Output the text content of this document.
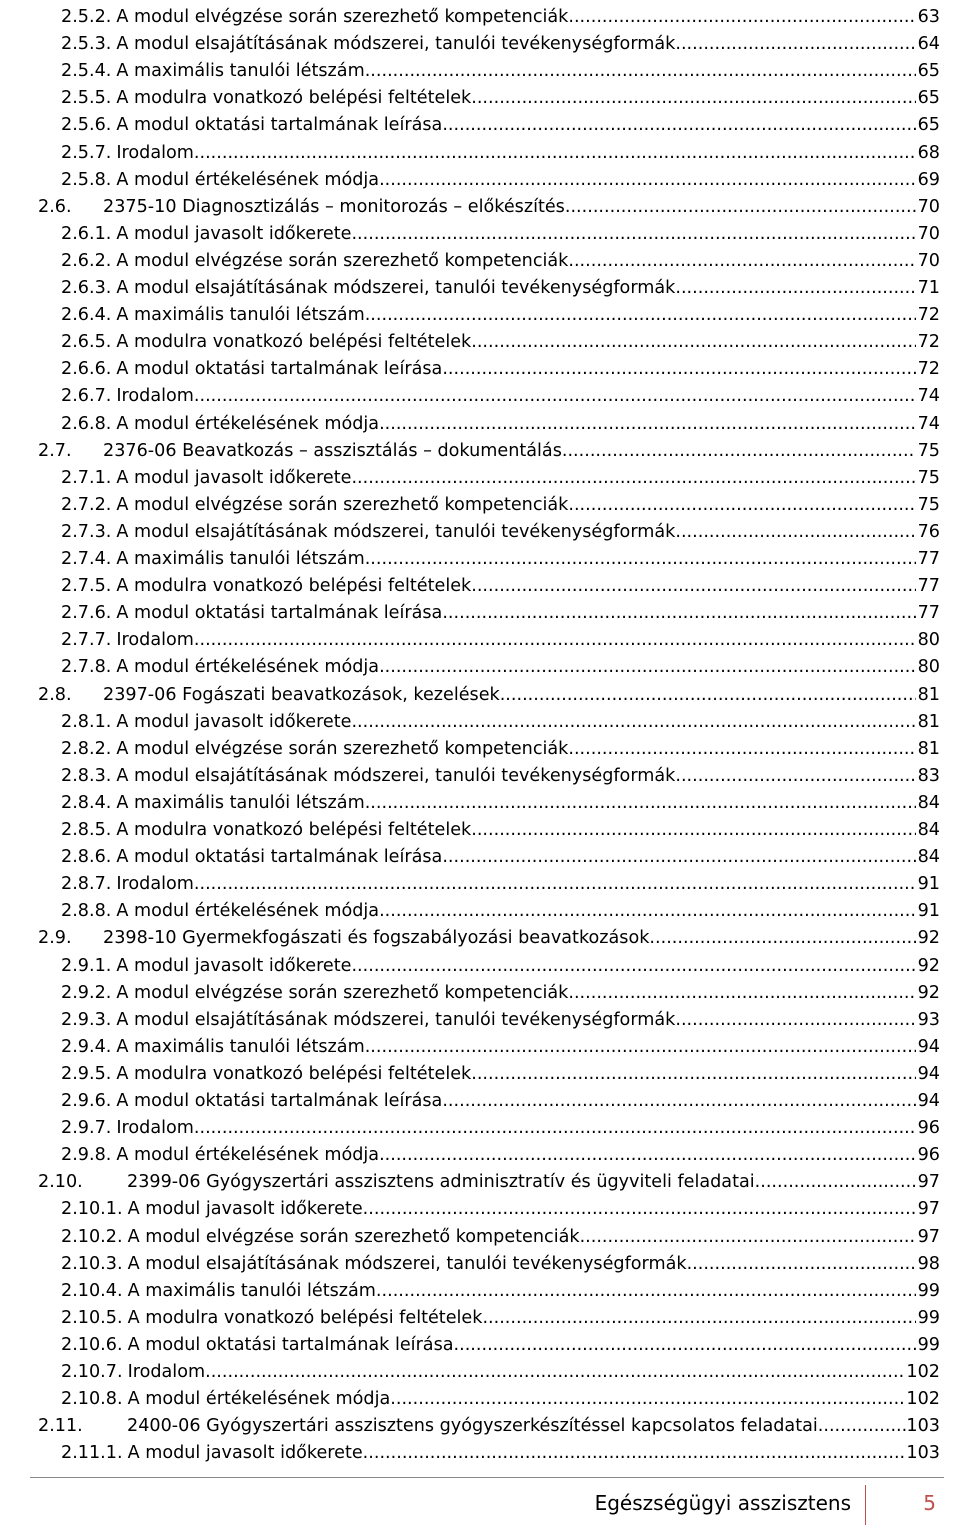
2.5.2. A modul elvégzése során szerezhető kompetenciák .....	63
2.5.3. A modul elsajátításának módszerei, tanulói tevékenységformák .....	64
2.5.4. A maximális tanulói létszám .....	65
2.5.5. A modulra vonatkozó belépési feltételek .....	65
2.5.6. A modul oktatási tartalmának leírása .....	65
2.5.7. Irodalom .....	68
2.5.8. A modul értékelésének módja .....	69
2.6.	2375-10 Diagnosztizálás – monitorozás – előkészítés .....	70
2.6.1. A modul javasolt időkerete .....	70
2.6.2. A modul elvégzése során szerezhető kompetenciák .....	70
2.6.3. A modul elsajátításának módszerei, tanulói tevékenységformák .....	71
2.6.4. A maximális tanulói létszám .....	72
2.6.5. A modulra vonatkozó belépési feltételek .....	72
2.6.6. A modul oktatási tartalmának leírása .....	72
2.6.7. Irodalom .....	74
2.6.8. A modul értékelésének módja .....	74
2.7.	2376-06 Beavatkozás – asszisztálás – dokumentálás .....	75
2.7.1. A modul javasolt időkerete .....	75
2.7.2. A modul elvégzése során szerezhető kompetenciák .....	75
2.7.3. A modul elsajátításának módszerei, tanulói tevékenységformák .....	76
2.7.4. A maximális tanulói létszám .....	77
2.7.5. A modulra vonatkozó belépési feltételek .....	77
2.7.6. A modul oktatási tartalmának leírása .....	77
2.7.7. Irodalom .....	80
2.7.8. A modul értékelésének módja .....	80
2.8.	2397-06 Fogászati beavatkozások, kezelések .....	81
2.8.1. A modul javasolt időkerete .....	81
2.8.2. A modul elvégzése során szerezhető kompetenciák .....	81
2.8.3. A modul elsajátításának módszerei, tanulói tevékenységformák .....	83
2.8.4. A maximális tanulói létszám .....	84
2.8.5. A modulra vonatkozó belépési feltételek .....	84
2.8.6. A modul oktatási tartalmának leírása .....	84
2.8.7. Irodalom .....	91
2.8.8. A modul értékelésének módja .....	91
2.9.	2398-10 Gyermekfogászati és fogszabályozási beavatkozások .....	92
2.9.1. A modul javasolt időkerete .....	92
2.9.2. A modul elvégzése során szerezhető kompetenciák .....	92
2.9.3. A modul elsajátításának módszerei, tanulói tevékenységformák .....	93
2.9.4. A maximális tanulói létszám .....	94
2.9.5. A modulra vonatkozó belépési feltételek .....	94
2.9.6. A modul oktatási tartalmának leírása .....	94
2.9.7. Irodalom .....	96
2.9.8. A modul értékelésének módja .....	96
2.10.	2399-06 Gyógyszertári asszisztens adminisztratív és ügyviteli feladatai .....	97
2.10.1. A modul javasolt időkerete .....	97
2.10.2. A modul elvégzése során szerezhető kompetenciák .....	97
2.10.3. A modul elsajátításának módszerei, tanulói tevékenységformák .....	98
2.10.4. A maximális tanulói létszám .....	99
2.10.5. A modulra vonatkozó belépési feltételek .....	99
2.10.6. A modul oktatási tartalmának leírása .....	99
2.10.7. Irodalom .....	102
2.10.8. A modul értékelésének módja .....	102
2.11.	2400-06 Gyógyszertári asszisztens gyógyszerkészítéssel kapcsolatos feladatai .....	103
2.11.1. A modul javasolt időkerete .....	103
Egészségügyi asszisztens	5
